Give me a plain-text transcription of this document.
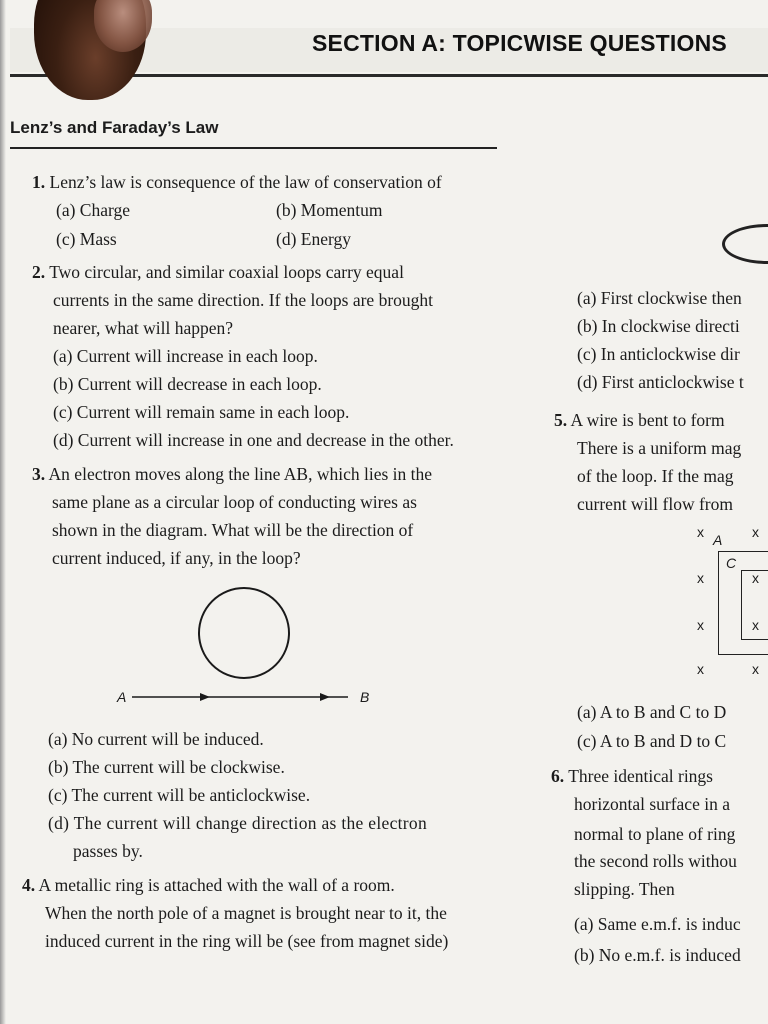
SECTION A: TOPICWISE QUESTIONS
Lenz’s and Faraday’s Law
1. Lenz’s law is consequence of the law of conservation of
(a) Charge	(b) Momentum
(c) Mass	(d) Energy
2. Two circular, and similar coaxial loops carry equal
currents in the same direction. If the loops are brought
nearer, what will happen?
(a) Current will increase in each loop.
(b) Current will decrease in each loop.
(c) Current will remain same in each loop.
(d) Current will increase in one and decrease in the other.
3. An electron moves along the line AB, which lies in the
same plane as a circular loop of conducting wires as
shown in the diagram. What will be the direction of
current induced, if any, in the loop?
A	B
(a) No current will be induced.
(b) The current will be clockwise.
(c) The current will be anticlockwise.
(d) The current will change direction as the electron
passes by.
4. A metallic ring is attached with the wall of a room.
When the north pole of a magnet is brought near to it, the
induced current in the ring will be (see from magnet side)
(a) First clockwise then
(b) In clockwise directi
(c) In anticlockwise dir
(d) First anticlockwise t
5. A wire is bent to form
There is a uniform mag
of the loop. If the mag
current will flow from
A
C
x	x
x	x
x	x
x	x
(a) A to B and C to D
(c) A to B and D to C
6. Three identical rings
horizontal surface in a
normal to plane of ring
the second rolls withou
slipping. Then
(a) Same e.m.f. is induc
(b) No e.m.f. is induced
